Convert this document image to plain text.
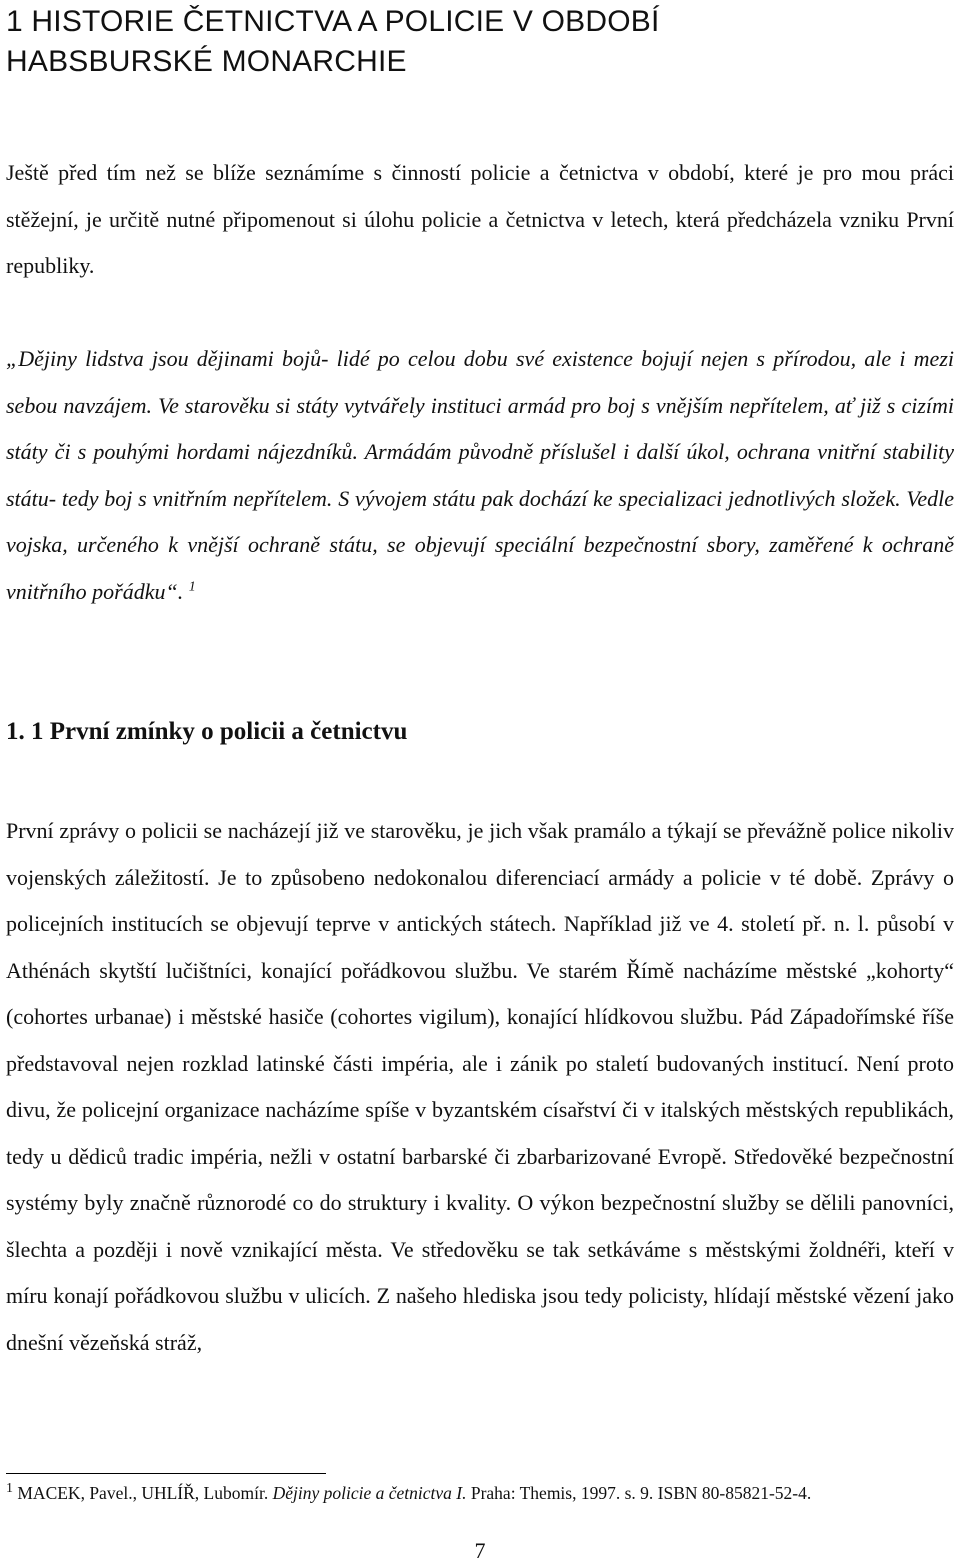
1 HISTORIE ČETNICTVA A POLICIE V OBDOBÍ
HABSBURSKÉ MONARCHIE

Ještě před tím než se blíže seznámíme s činností policie a četnictva v období, které je pro mou práci stěžejní, je určitě nutné připomenout si úlohu policie a četnictva v letech, která předcházela vzniku První republiky.

„Dějiny lidstva jsou dějinami bojů- lidé po celou dobu své existence bojují nejen s přírodou, ale i mezi sebou navzájem. Ve starověku si státy vytvářely instituci armád pro boj s vnějším nepřítelem, ať již s cizími státy či s pouhými hordami nájezdníků. Armádám původně příslušel i další úkol, ochrana vnitřní stability státu- tedy boj s vnitřním nepřítelem. S vývojem státu pak dochází ke specializaci jednotlivých složek. Vedle vojska, určeného k vnější ochraně státu, se objevují speciální bezpečnostní sbory, zaměřené k ochraně vnitřního pořádku“. $^1$

1. 1 První zmínky o policii a četnictvu

První zprávy o policii se nacházejí již ve starověku, je jich však pramálo a týkají se převážně police nikoliv vojenských záležitostí. Je to způsobeno nedokonalou diferenciací armády a policie v té době. Zprávy o policejních institucích se objevují teprve v antických státech. Například již ve 4. století př. n. l. působí v Athénách skytští lučištníci, konající pořádkovou službu. Ve starém Římě nacházíme městské „kohorty“ (cohortes urbanae) i městské hasiče (cohortes vigilum), konající hlídkovou službu. Pád Západořímské říše představoval nejen rozklad latinské části impéria, ale i zánik po staletí budovaných institucí. Není proto divu, že policejní organizace nacházíme spíše v byzantském císařství či v italských městských republikách, tedy u dědiců tradic impéria, nežli v ostatní barbarské či zbarbarizované Evropě. Středověké bezpečnostní systémy byly značně různorodé co do struktury i kvality. O výkon bezpečnostní služby se dělili panovníci, šlechta a později i nově vznikající města. Ve středověku se tak setkáváme s městskými žoldnéři, kteří v míru konají pořádkovou službu v ulicích. Z našeho hlediska jsou tedy policisty, hlídají městské vězení jako dnešní vězeňská stráž,

$^1$ MACEK, Pavel., UHLÍŘ, Lubomír. Dějiny policie a četnictva I. Praha: Themis, 1997. s. 9. ISBN 80-85821-52-4.

7
